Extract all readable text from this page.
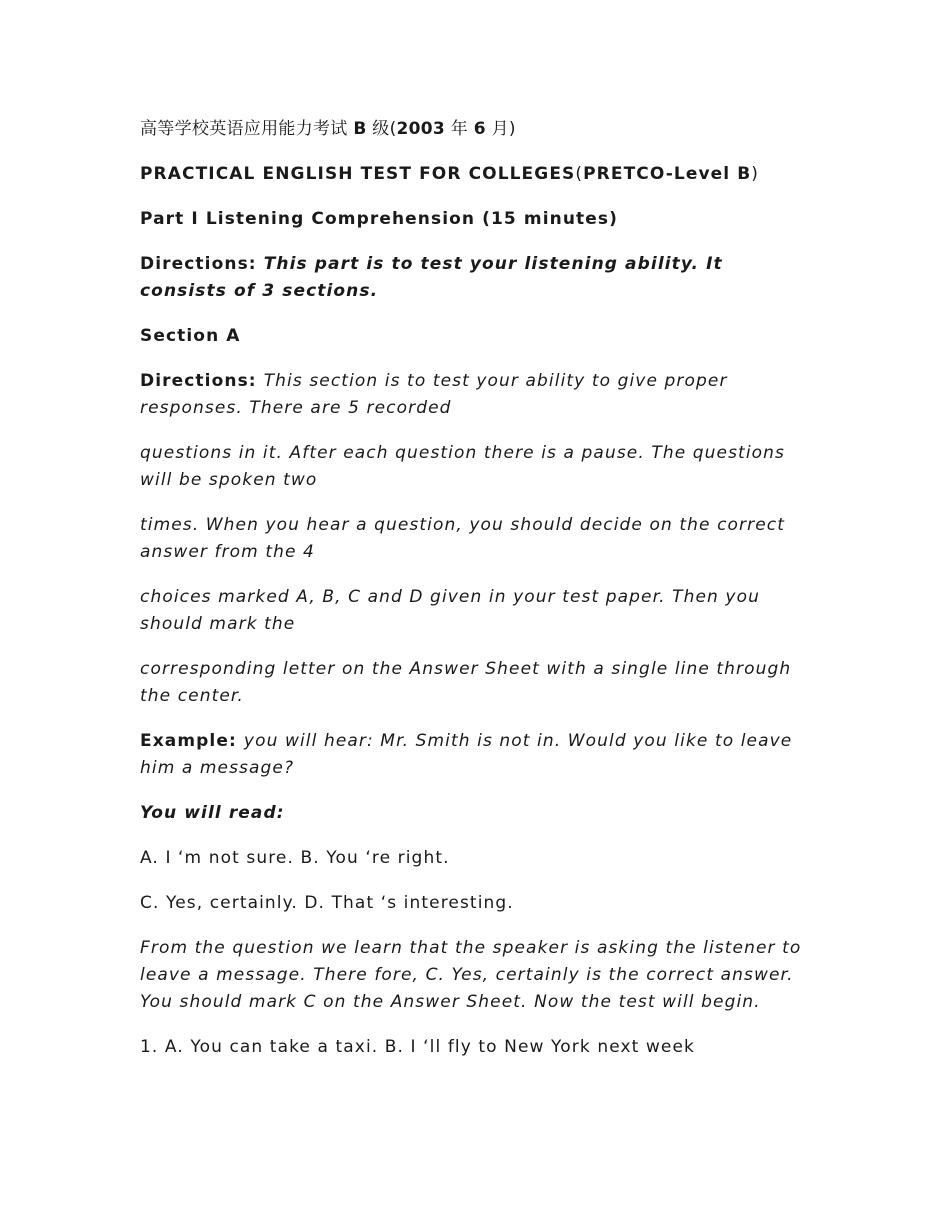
高等学校英语应用能力考试 B 级(2003 年 6 月)

PRACTICAL ENGLISH TEST FOR COLLEGES(PRETCO-Level B)

Part I Listening Comprehension (15 minutes)

Directions: This part is to test your listening ability. It consists of 3 sections.

Section A

Directions: This section is to test your ability to give proper responses. There are 5 recorded

questions in it. After each question there is a pause. The questions will be spoken two

times. When you hear a question, you should decide on the correct answer from the 4

choices marked A, B, C and D given in your test paper. Then you should mark the

corresponding letter on the Answer Sheet with a single line through the center.

Example: you will hear: Mr. Smith is not in. Would you like to leave him a message?

You will read:

A. I ‘m not sure. B. You ‘re right.

C. Yes, certainly. D. That ‘s interesting.

From the question we learn that the speaker is asking the listener to leave a message. There fore, C. Yes, certainly is the correct answer. You should mark C on the Answer Sheet. Now the test will begin.

1. A. You can take a taxi. B. I ‘ll fly to New York next week
